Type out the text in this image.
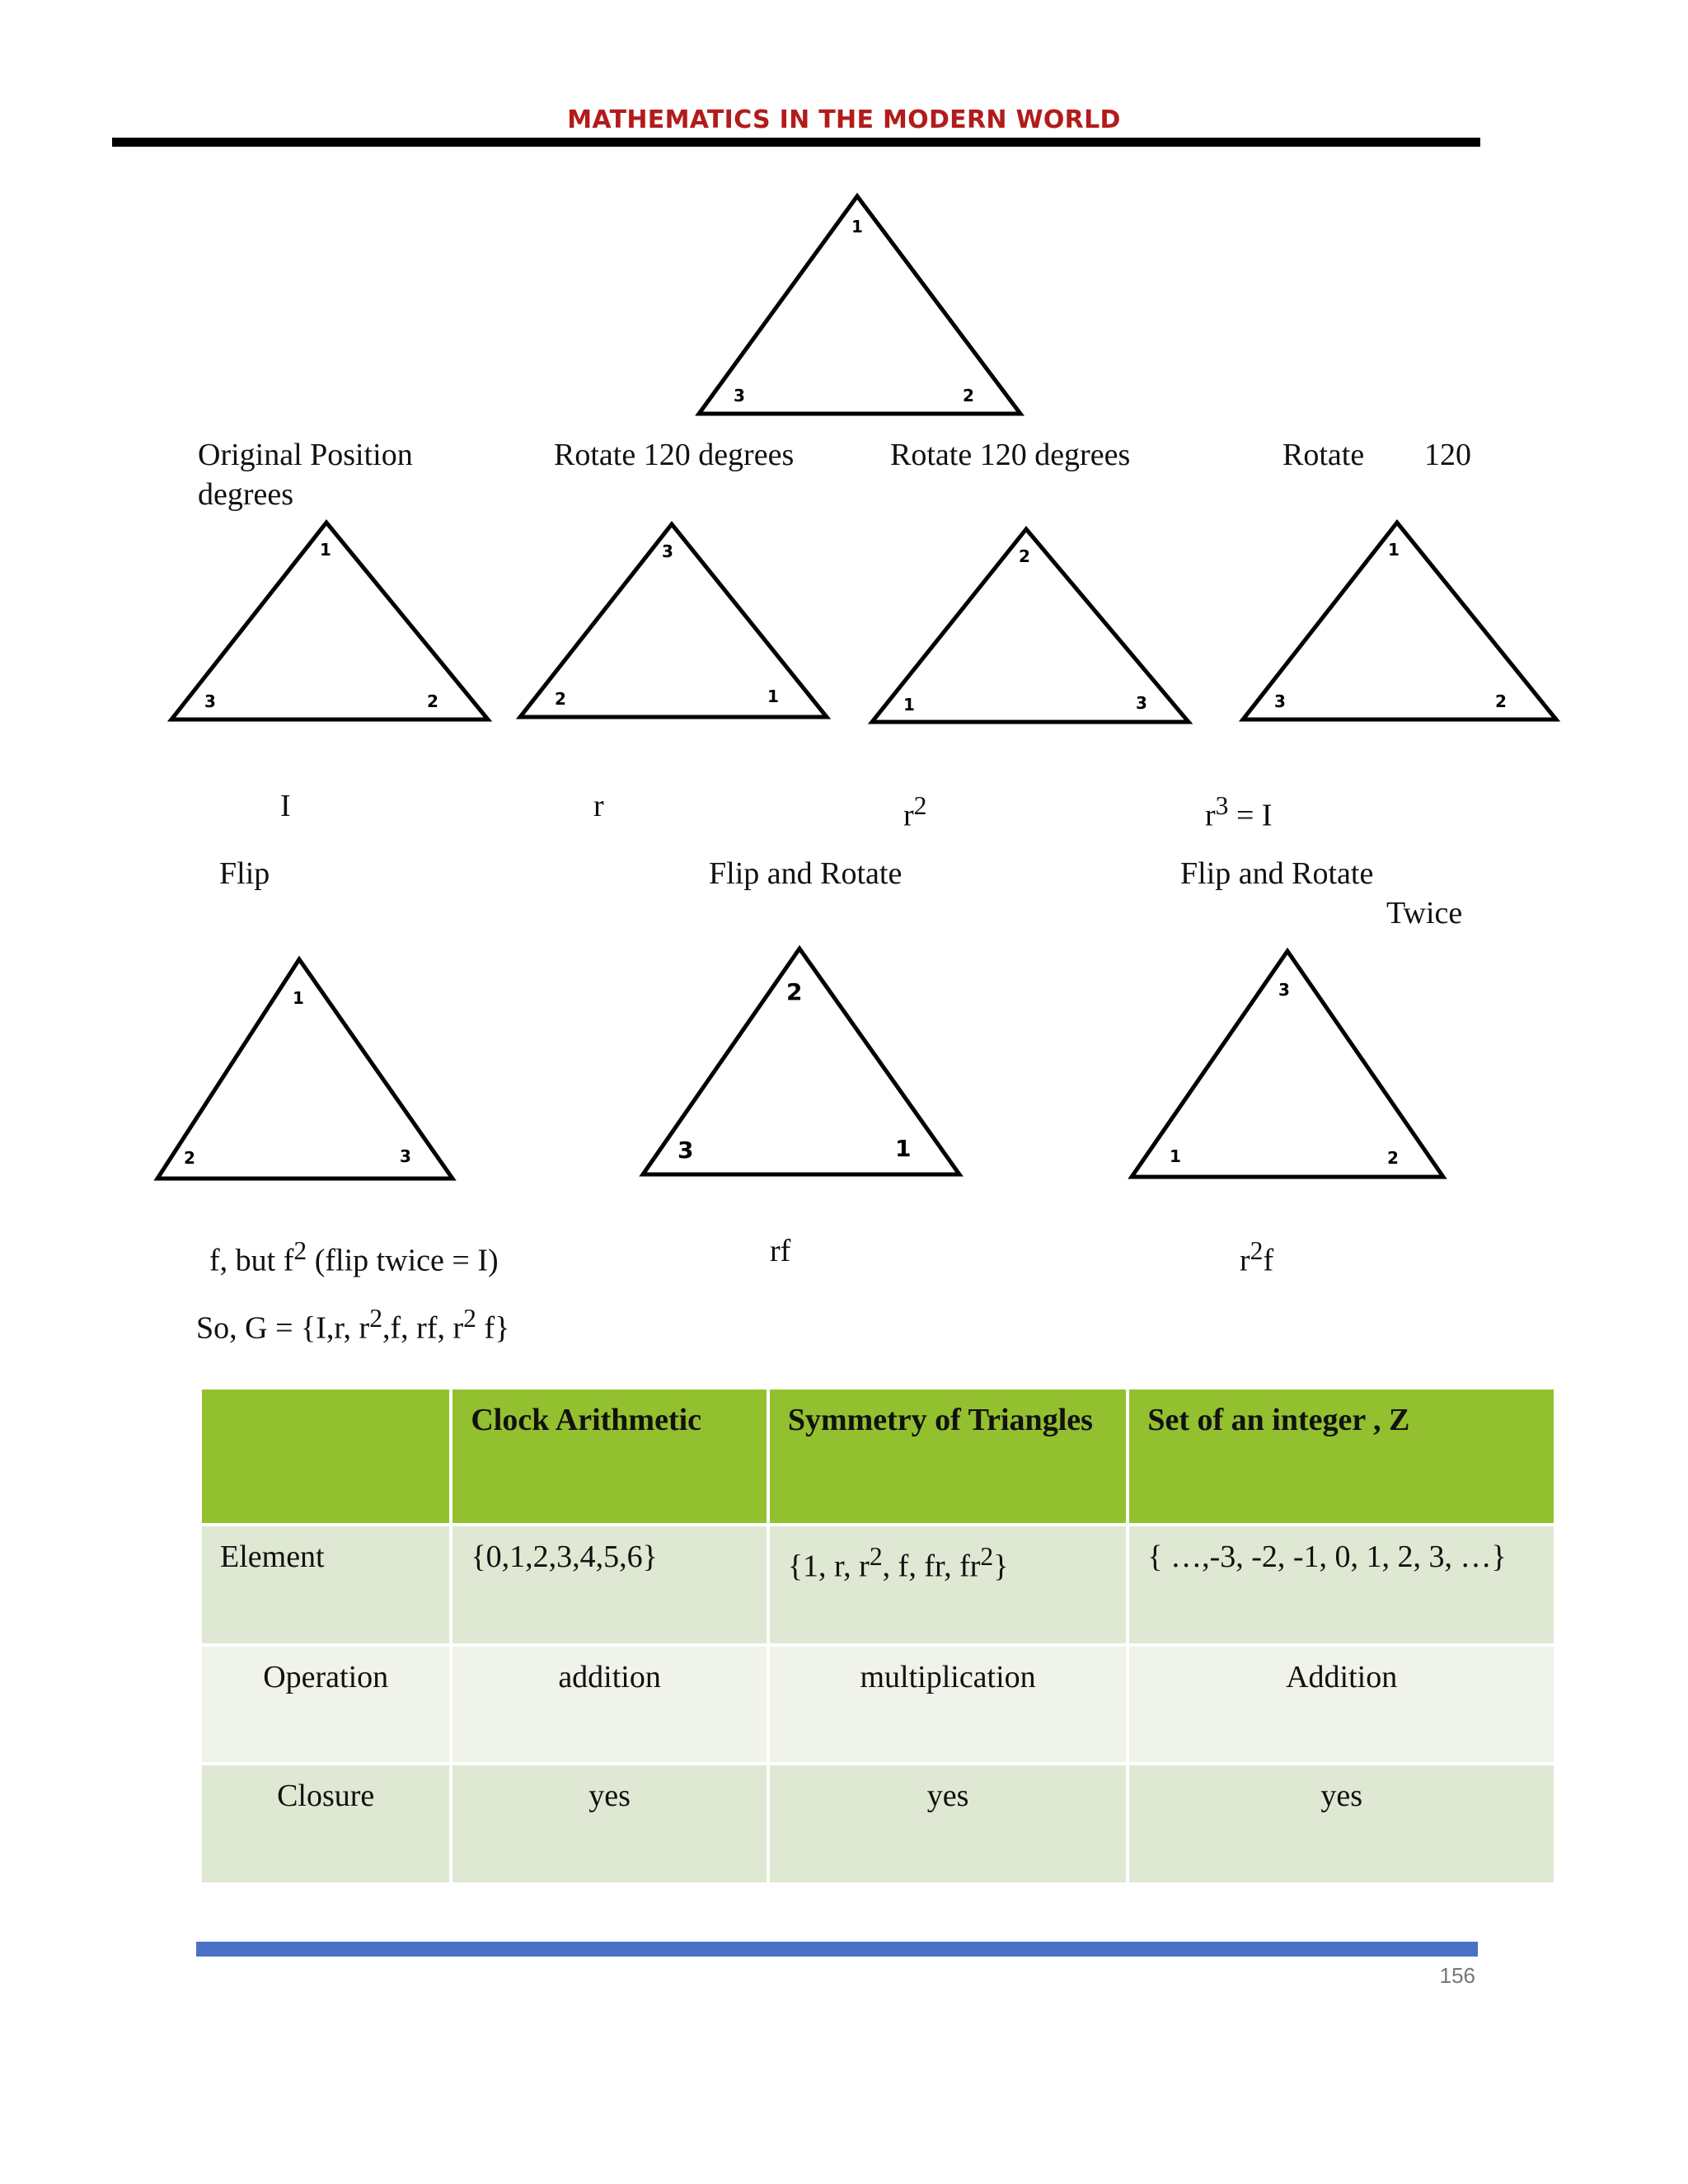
MATHEMATICS IN THE MODERN WORLD
1
2
3
Original Position	Rotate 120 degrees	Rotate 120 degrees	Rotate 120
degrees
1
3	2
3
2	1
2
1	3
1
3	2
I	r	$r^2$	$r^3 = I$
Flip	Flip and Rotate	Flip and Rotate
Twice
1
2	3
2
3	1
3
1	2
f, but $f^2$ (flip twice = I)	rf	$r^2f$
So, G = {I,r, $r^2,f$, rf, $r^2$ f}
	Clock Arithmetic	Symmetry of Triangles	Set of an integer , Z
Element	{0,1,2,3,4,5,6}	{1, r, $r^2$, f, fr, $fr^2$}	{ …,-3, -2, -1, 0, 1, 2, 3, …}
Operation	addition	multiplication	Addition
Closure	yes	yes	yes
156
